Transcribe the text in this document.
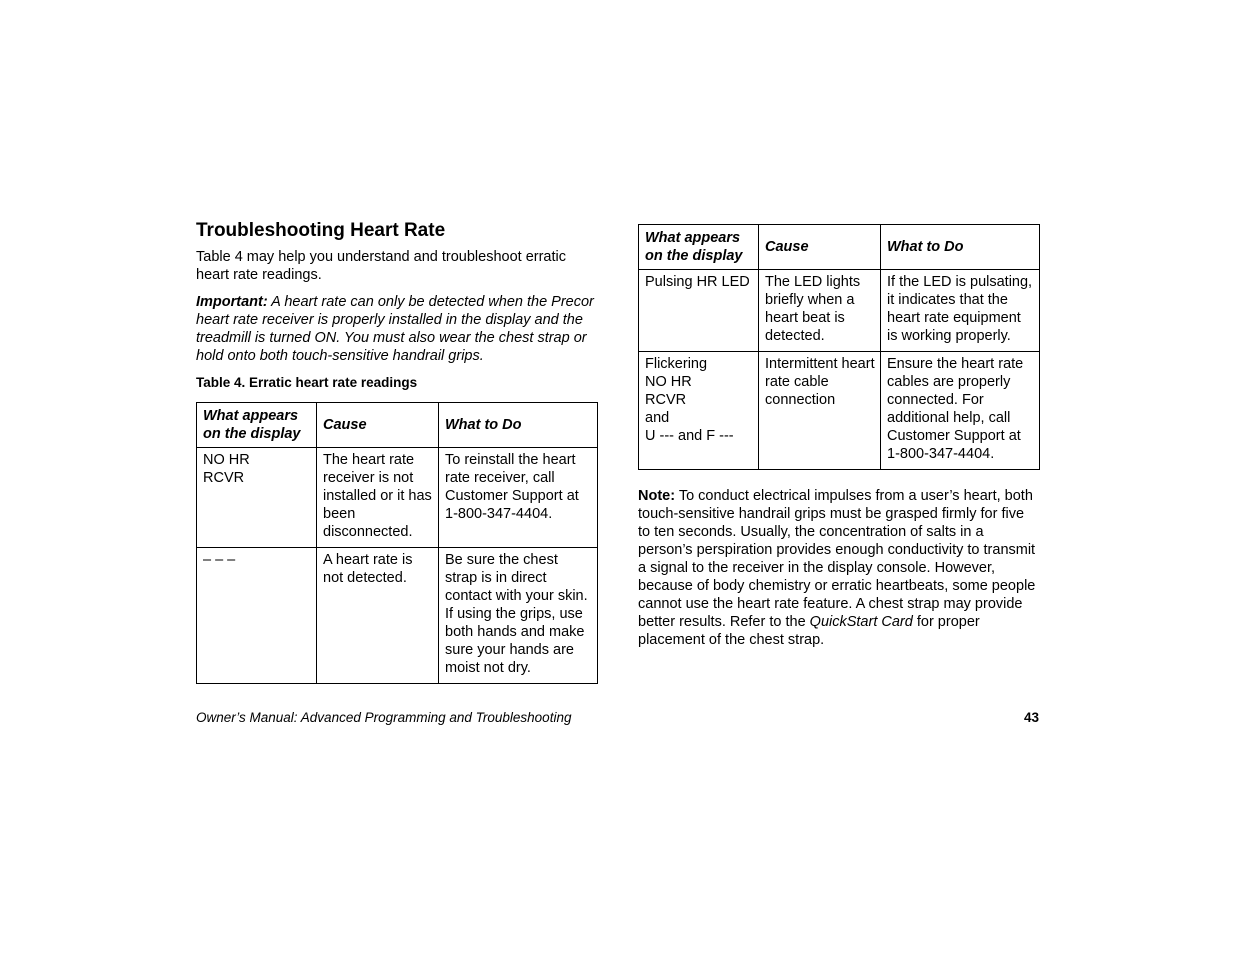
Troubleshooting Heart Rate

Table 4 may help you understand and troubleshoot erratic heart rate readings.

Important: A heart rate can only be detected when the Precor heart rate receiver is properly installed in the display and the treadmill is turned ON. You must also wear the chest strap or hold onto both touch-sensitive handrail grips.

Table 4. Erratic heart rate readings
What appears on the display	Cause	What to Do

NO HR
RCVR	The heart rate receiver is not installed or it has been disconnected.	To reinstall the heart rate receiver, call Customer Support at 1-800-347-4404.

– – –	A heart rate is not detected.	Be sure the chest strap is in direct contact with your skin. If using the grips, use both hands and make sure your hands are moist not dry.
What appears on the display	Cause	What to Do

Pulsing HR LED	The LED lights briefly when a heart beat is detected.	If the LED is pulsating, it indicates that the heart rate equipment is working properly.

Flickering
NO HR
RCVR
and
U --- and F ---	Intermittent heart rate cable connection	Ensure the heart rate cables are properly connected. For additional help, call Customer Support at 1-800-347-4404.

Note: To conduct electrical impulses from a user’s heart, both touch-sensitive handrail grips must be grasped firmly for five to ten seconds. Usually, the concentration of salts in a person’s perspiration provides enough conductivity to transmit a signal to the receiver in the display console. However, because of body chemistry or erratic heartbeats, some people cannot use the heart rate feature. A chest strap may provide better results. Refer to the QuickStart Card for proper placement of the chest strap.

Owner’s Manual: Advanced Programming and Troubleshooting	43
